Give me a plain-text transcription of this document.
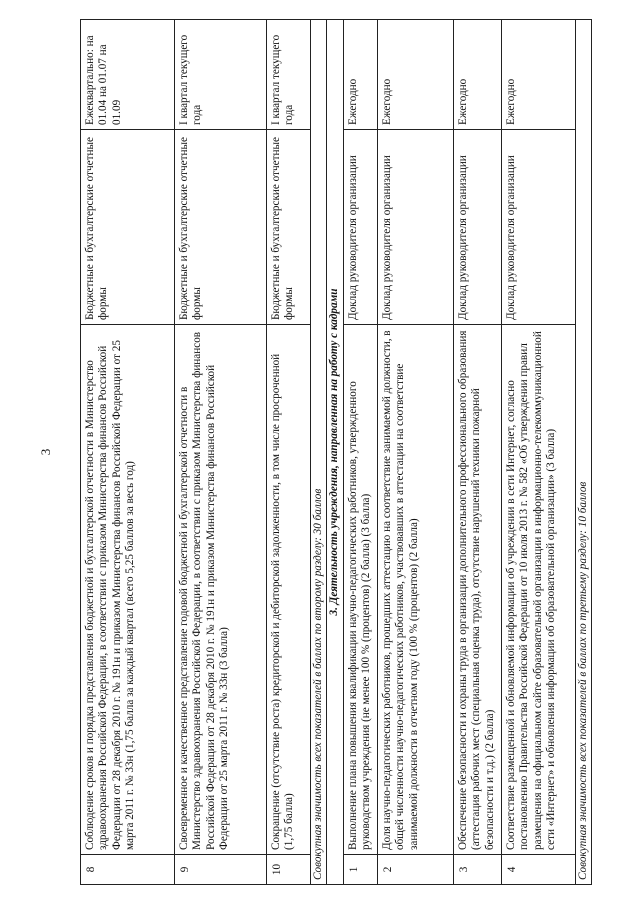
3
8	Соблюдение сроков и порядка представления бюджетной и бухгалтерской отчетности в Министерство здравоохранения Российской Федерации, в соответствии с приказом Министерства финансов Российской Федерации от 28 декабря 2010 г. № 191н и приказом Министерства финансов Российской Федерации от 25 марта 2011 г. № 33н (1,75 балла за каждый квартал (всего 5,25 баллов за весь год)	Бюджетные и бухгалтерские отчетные формы	Ежеквартально: на 01.04 на 01.07 на 01.09
9	Своевременное и качественное представление годовой бюджетной и бухгалтерской отчетности в Министерство здравоохранения Российской Федерации, в соответствии с приказом Министерства финансов Российской Федерации от 28 декабря 2010 г. № 191н и приказом Министерства финансов Российской Федерации от 25 марта 2011 г. № 33н (3 балла)	Бюджетные и бухгалтерские отчетные формы	I квартал текущего года
10	Сокращение (отсутствие роста) кредиторской и дебиторской задолженности, в том числе просроченной (1,75 балла)	Бюджетные и бухгалтерские отчетные формы	I квартал текущего года
Совокупная значимость всех показателей в баллах по второму разделу: 30 баллов			
3. Деятельность учреждения, направленная на работу с кадрами			
1	Выполнение плана повышения квалификации научно-педагогических работников, утвержденного руководством учреждения (не менее 100 % (процентов) (2 балла) (3 балла)	Доклад руководителя организации	Ежегодно
2	Доля научно-педагогических работников, прошедших аттестацию на соответствие занимаемой должности, в общей численности научно-педагогических работников, участвовавших в аттестации на соответствие занимаемой должности в отчетном году (100 % (процентов) (2 балла)	Доклад руководителя организации	Ежегодно
3	Обеспечение безопасности и охраны труда в организации дополнительного профессионального образования (аттестация рабочих мест (специальная оценка труда), отсутствие нарушений техники пожарной безопасности и т.д.) (2 балла)	Доклад руководителя организации	Ежегодно
4	Соответствие размещенной и обновляемой информации об учреждении в сети Интернет, согласно постановлению Правительства Российской Федерации от 10 июля 2013 г. № 582 «Об утверждении правил размещения на официальном сайте образовательной организации в информационно-телекоммуникационной сети «Интернет» и обновления информации об образовательной организации» (3 балла)	Доклад руководителя организации	Ежегодно
Совокупная значимость всех показателей в баллах по третьему разделу: 10 баллов			
